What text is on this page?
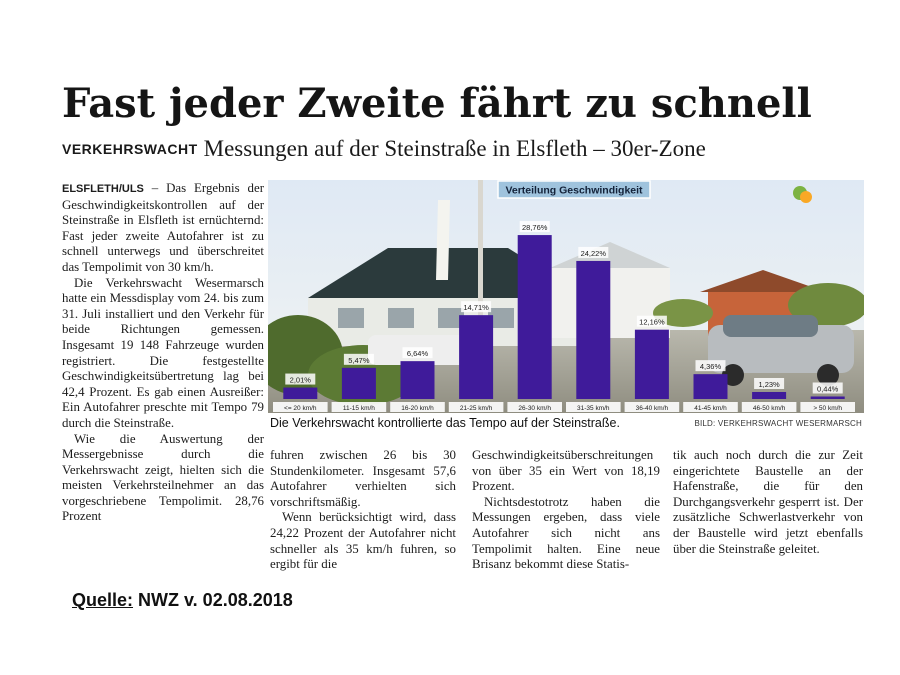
Fast jeder Zweite fährt zu schnell
VERKEHRSWACHT Messungen auf der Steinstraße in Elsfleth – 30er-Zone

ELSFLETH/ULS – Das Ergebnis der Geschwindigkeitskontrollen auf der Steinstraße in Elsfleth ist ernüchternd: Fast jeder zweite Autofahrer ist zu schnell unterwegs und überschreitet das Tempolimit von 30 km/h.

Die Verkehrswacht Wesermarsch hatte ein Messdisplay vom 24. bis zum 31. Juli installiert und den Verkehr für beide Richtungen gemessen. Insgesamt 19 148 Fahrzeuge wurden registriert. Die festgestellte Geschwindigkeitsübertretung lag bei 42,4 Prozent. Es gab einen Ausreißer: Ein Autofahrer preschte mit Tempo 79 durch die Steinstraße.

Wie die Auswertung der Messergebnisse durch die Verkehrswacht zeigt, hielten sich die meisten Verkehrsteilnehmer an das vorgeschriebene Tempolimit. 28,76 Prozent

Verteilung Geschwindigkeit
2,01%
5,47%
6,64%
14,71%
28,76%
24,22%
12,16%
4,36%
1,23%
0,44%
<= 20 km/h	11-15 km/h	16-20 km/h	21-25 km/h	26-30 km/h	31-35 km/h	36-40 km/h	41-45 km/h	46-50 km/h	> 50 km/h
Die Verkehrswacht kontrollierte das Tempo auf der Steinstraße.	BILD: VERKEHRSWACHT WESERMARSCH

fuhren zwischen 26 bis 30 Stundenkilometer. Insgesamt 57,6 Autofahrer verhielten sich vorschriftsmäßig.

Wenn berücksichtigt wird, dass 24,22 Prozent der Autofahrer nicht schneller als 35 km/h fuhren, so ergibt für die

Geschwindigkeitsüberschreitungen von über 35 ein Wert von 18,19 Prozent.

Nichtsdestotrotz haben die Messungen ergeben, dass viele Autofahrer sich nicht ans Tempolimit halten. Eine neue Brisanz bekommt diese Statis-

tik auch noch durch die zur Zeit eingerichtete Baustelle an der Hafenstraße, die für den Durchgangsverkehr gesperrt ist. Der zusätzliche Schwerlastverkehr von der Baustelle wird jetzt ebenfalls über die Steinstraße geleitet.

Quelle: NWZ v. 02.08.2018
